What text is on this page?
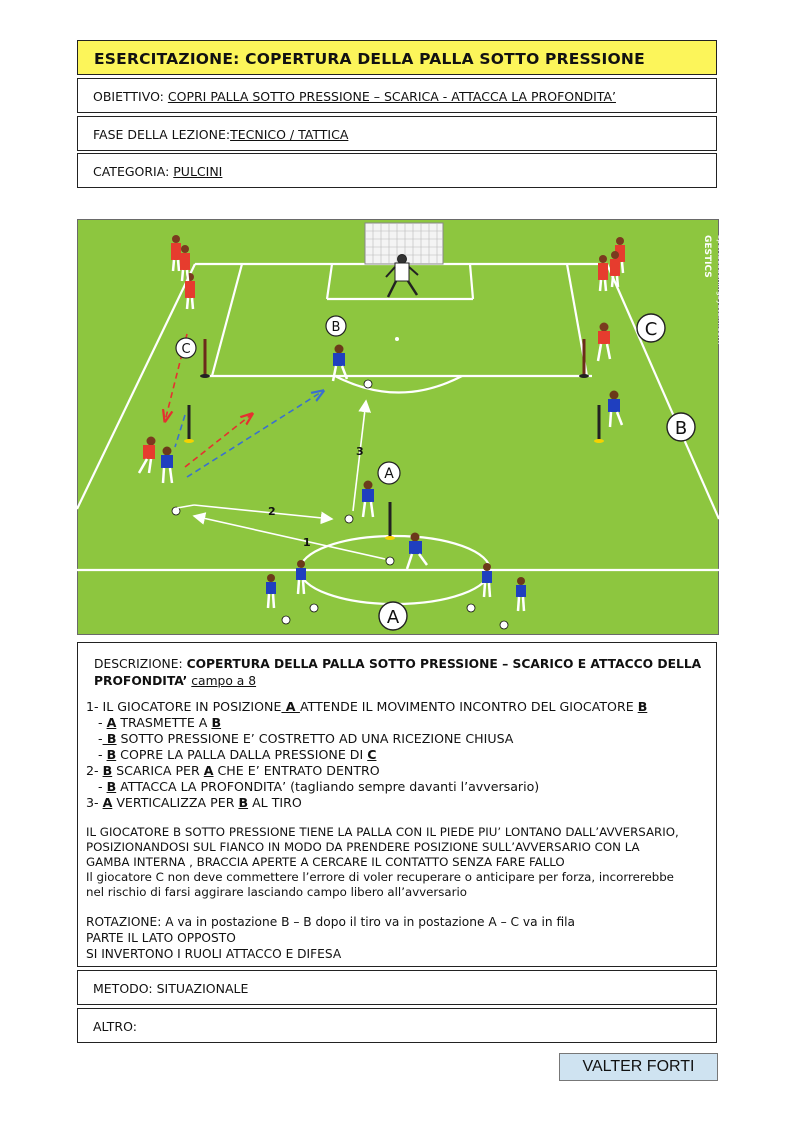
ESERCITAZIONE: COPERTURA DELLA PALLA SOTTO PRESSIONE
OBIETTIVO: COPRI PALLA SOTTO PRESSIONE – SCARICA - ATTACCA LA PROFONDITA’
FASE DELLA LEZIONE:TECNICO / TATTICA
CATEGORIA: PULCINI
1
2
3
B
C
C
B
A
A
GESTICS sportscoachingsystem.com

DESCRIZIONE: COPERTURA DELLA PALLA SOTTO PRESSIONE – SCARICO E ATTACCO DELLA PROFONDITA’ campo a 8

1- IL GIOCATORE IN POSIZIONE A ATTENDE IL MOVIMENTO INCONTRO DEL GIOCATORE B

- A TRASMETTE A B

- B SOTTO PRESSIONE E’ COSTRETTO AD UNA RICEZIONE CHIUSA

- B COPRE LA PALLA DALLA PRESSIONE DI C

2- B SCARICA PER A CHE E’ ENTRATO DENTRO

- B ATTACCA LA PROFONDITA’ (tagliando sempre davanti l’avversario)

3- A VERTICALIZZA PER B AL TIRO

IL GIOCATORE B SOTTO PRESSIONE TIENE LA PALLA CON IL PIEDE PIU’ LONTANO DALL’AVVERSARIO,

POSIZIONANDOSI SUL FIANCO IN MODO DA PRENDERE POSIZIONE SULL’AVVERSARIO CON LA

GAMBA INTERNA , BRACCIA APERTE A CERCARE IL CONTATTO SENZA FARE FALLO

Il giocatore C non deve commettere l’errore di voler recuperare o anticipare per forza, incorrerebbe

nel rischio di farsi aggirare lasciando campo libero all’avversario

ROTAZIONE: A va in postazione B – B dopo il tiro va in postazione A – C va in fila

PARTE IL LATO OPPOSTO

SI INVERTONO I RUOLI ATTACCO E DIFESA

METODO: SITUAZIONALE
ALTRO:
VALTER FORTI
